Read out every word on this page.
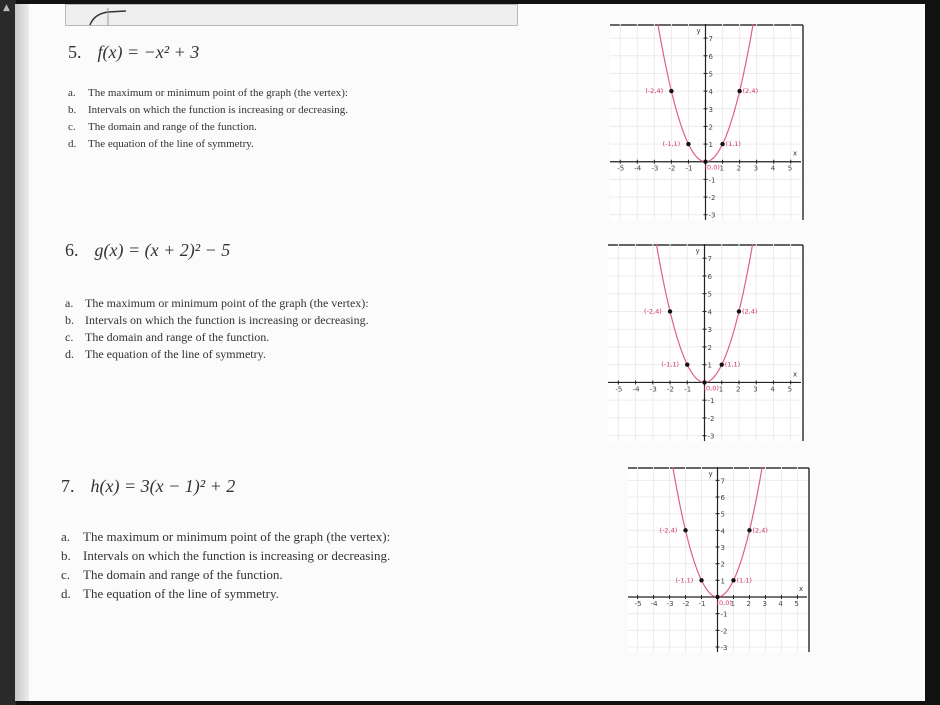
▲
5. f(x) = −x² + 3
a. The maximum or minimum point of the graph (the vertex):
b. Intervals on which the function is increasing or decreasing.
c. The domain and range of the function.
d. The equation of the line of symmetry.
6. g(x) = (x + 2)² − 5
a. The maximum or minimum point of the graph (the vertex):
b. Intervals on which the function is increasing or decreasing.
c. The domain and range of the function.
d. The equation of the line of symmetry.
7. h(x) = 3(x − 1)² + 2
a. The maximum or minimum point of the graph (the vertex):
b. Intervals on which the function is increasing or decreasing.
c. The domain and range of the function.
d. The equation of the line of symmetry.
x
y
-5 -4 -3 -2 -1	1 2 3 4 5
7
6
5
4
3
2
1
-1
-2
-3
(-2,4)	(2,4)
(-1,1)	(1,1)
(0,0)
x
y
-5 -4 -3 -2 -1	1 2 3 4 5
7
6
5
4
3
2
1
-1
-2
-3
(-2,4)	(2,4)
(-1,1)	(1,1)
(0,0)
x
y
-5 -4 -3 -2 -1	1 2 3 4 5
7
6
5
4
3
2
1
-1
-2
-3
(-2,4)	(2,4)
(-1,1)	(1,1)
(0,0)
